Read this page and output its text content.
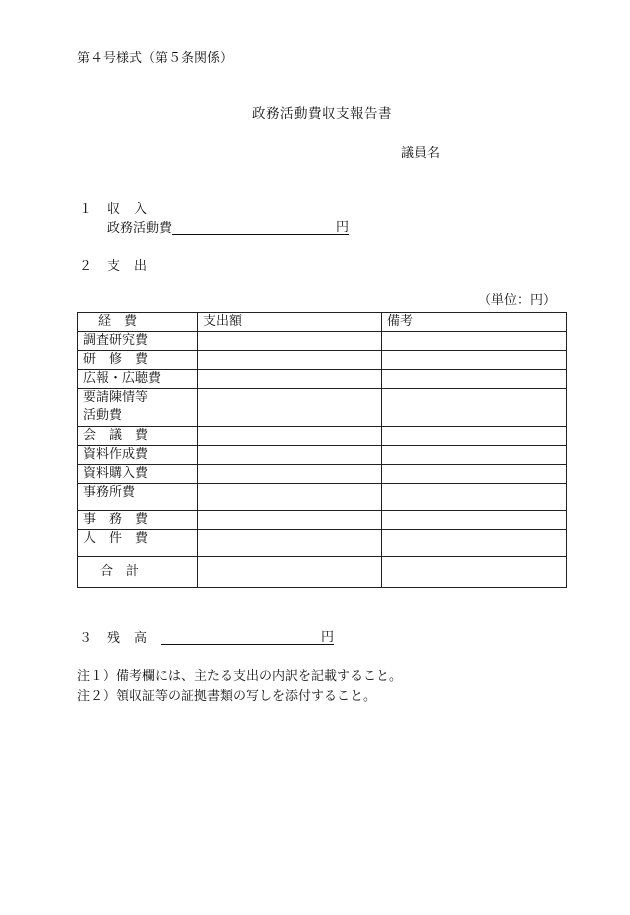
第４号様式（第５条関係）
政務活動費収支報告書
議員名
１ 収入
政務活動費	円
２ 支出
（単位：円）
経　費	支出額	備考

調査研究費		

研　修　費		

広報・広聴費		

要請陳情等
活動費		

会　議　費		

資料作成費		

資料購入費		

事務所費		

事　務　費		

人　件　費		

合　計		

３	残高	円
注１）備考欄には、主たる支出の内訳を記載すること。
注２）領収証等の証拠書類の写しを添付すること。
